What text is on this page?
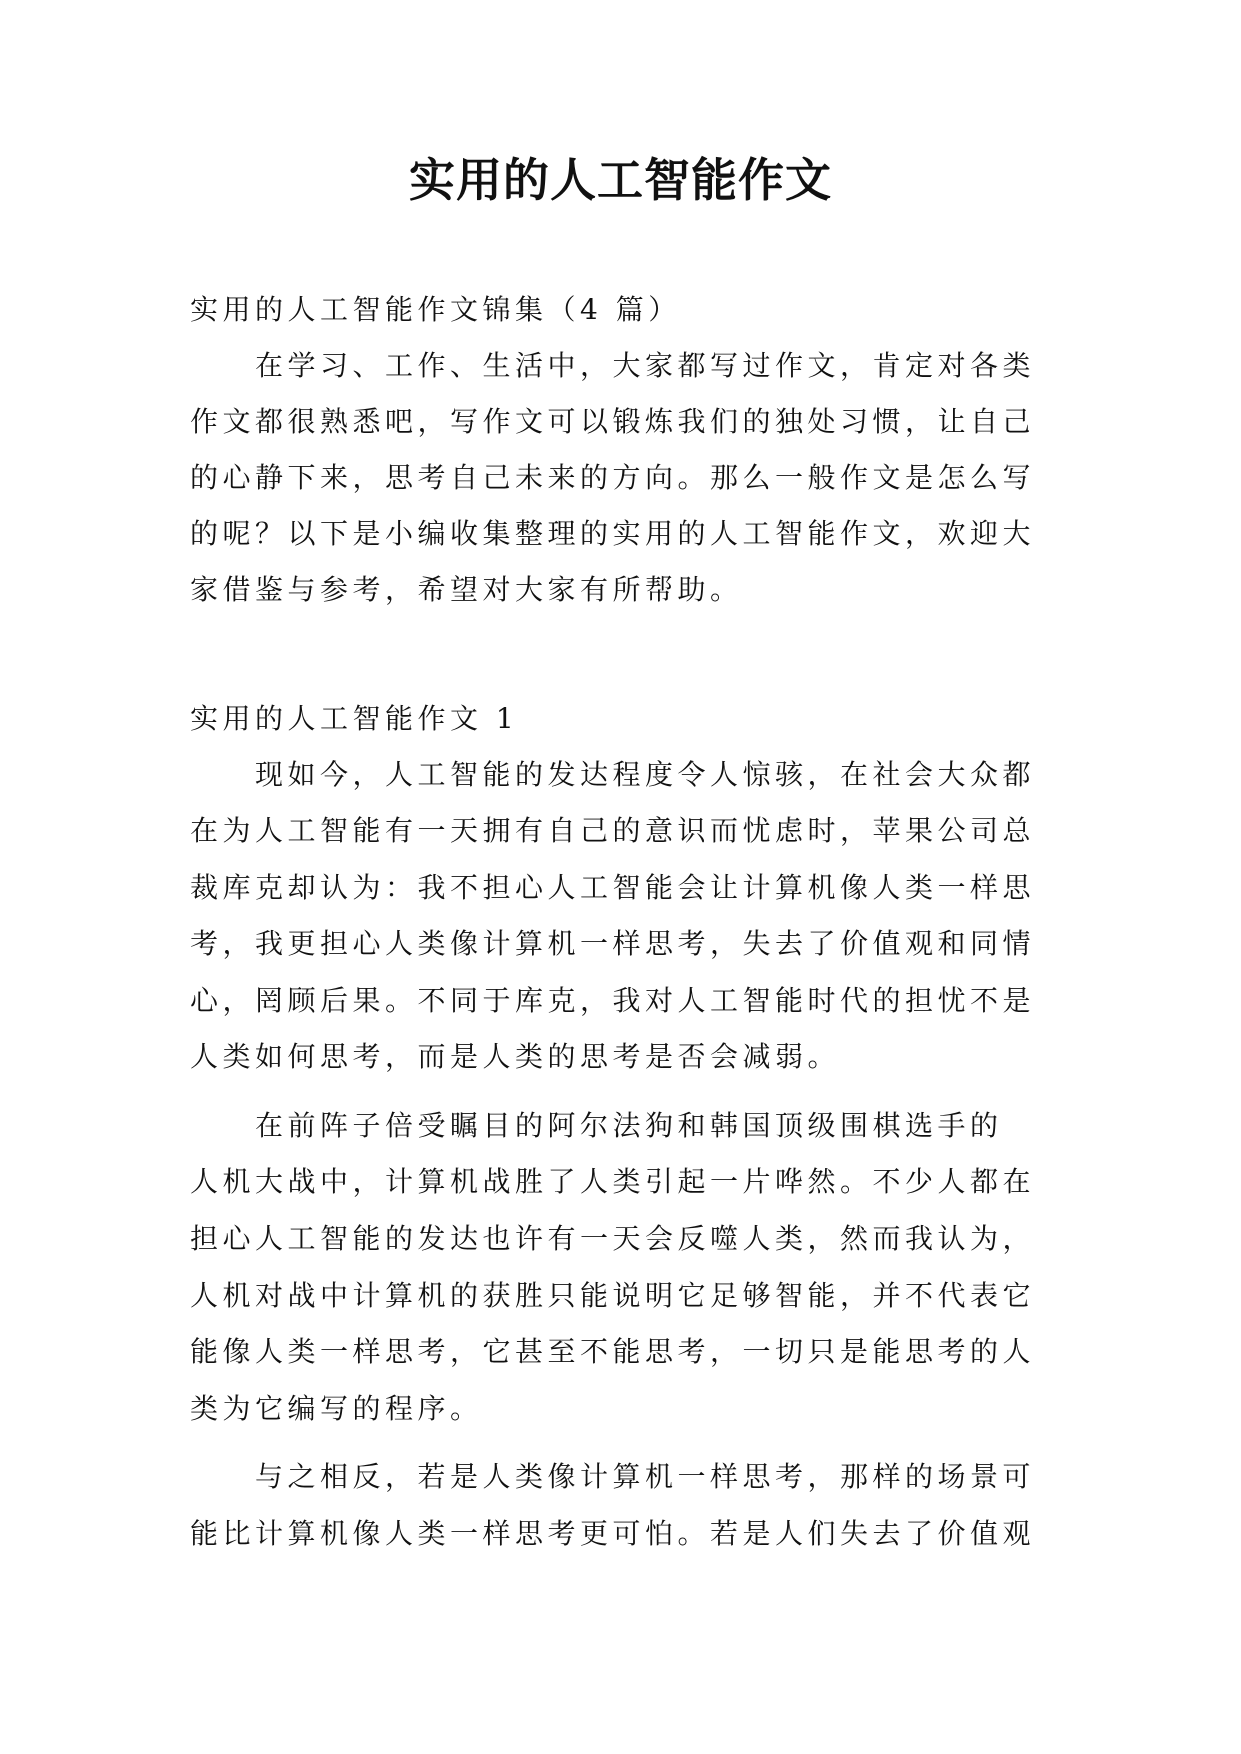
实用的人工智能作文

实用的人工智能作文锦集（4 篇）

在学习、工作、生活中，大家都写过作文，肯定对各类

作文都很熟悉吧，写作文可以锻炼我们的独处习惯，让自己

的心静下来，思考自己未来的方向。那么一般作文是怎么写

的呢？以下是小编收集整理的实用的人工智能作文，欢迎大

家借鉴与参考，希望对大家有所帮助。

实用的人工智能作文 1

现如今，人工智能的发达程度令人惊骇，在社会大众都

在为人工智能有一天拥有自己的意识而忧虑时，苹果公司总

裁库克却认为：我不担心人工智能会让计算机像人类一样思

考，我更担心人类像计算机一样思考，失去了价值观和同情

心，罔顾后果。不同于库克，我对人工智能时代的担忧不是

人类如何思考，而是人类的思考是否会减弱。

在前阵子倍受瞩目的阿尔法狗和韩国顶级围棋选手的

人机大战中，计算机战胜了人类引起一片哗然。不少人都在

担心人工智能的发达也许有一天会反噬人类，然而我认为，

人机对战中计算机的获胜只能说明它足够智能，并不代表它

能像人类一样思考，它甚至不能思考，一切只是能思考的人

类为它编写的程序。

与之相反，若是人类像计算机一样思考，那样的场景可

能比计算机像人类一样思考更可怕。若是人们失去了价值观
